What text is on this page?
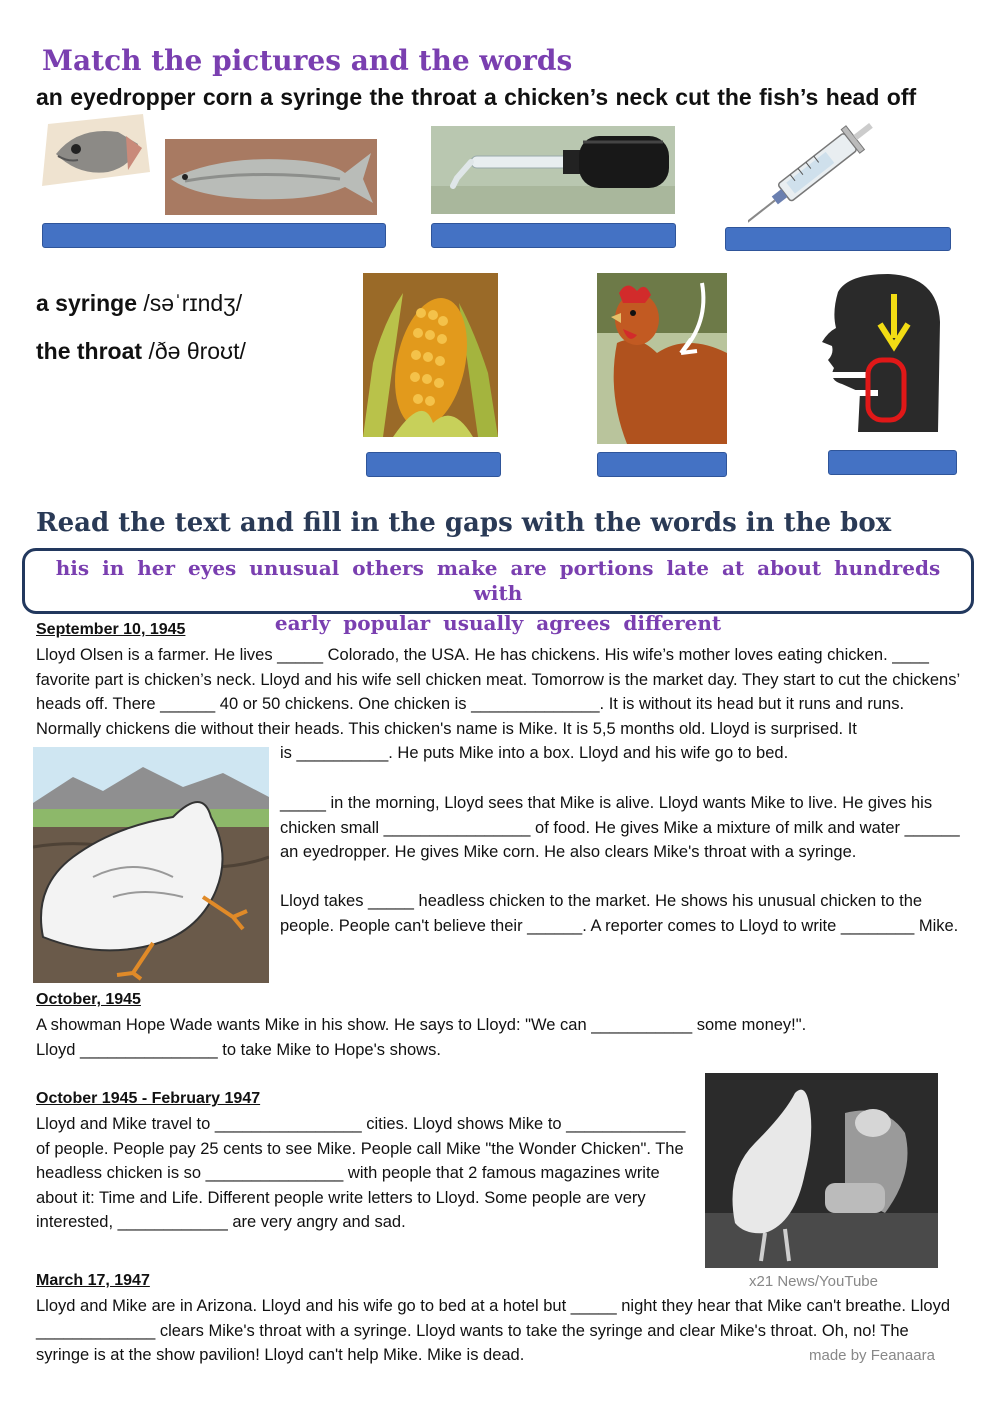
Match the pictures and the words
an eyedropper corn a syringe the throat a chicken’s neck cut the fish’s head off
a syringe /səˈrɪndʒ/
the throat /ðə θroʊt/
Read the text and fill in the gaps with the words in the box
his in her eyes unusual others make are portions late at about hundreds with
early popular usually agrees different
September 10, 1945
Lloyd Olsen is a farmer. He lives _____ Colorado, the USA. He has chickens. His wife’s mother loves eating chicken. ____ favorite part is chicken’s neck. Lloyd and his wife sell chicken meat. Tomorrow is the market day. They start to cut the chickens’ heads off. There ______ 40 or 50 chickens. One chicken is ______________. It is without its head but it runs and runs. Normally chickens die without their heads. This chicken's name is Mike. It is 5,5 months old. Lloyd is surprised. It
is __________. He puts Mike into a box. Lloyd and his wife go to bed.
_____ in the morning, Lloyd sees that Mike is alive. Lloyd wants Mike to live. He gives his chicken small ________________ of food. He gives Mike a mixture of milk and water ______ an eyedropper. He gives Mike corn. He also clears Mike's throat with a syringe.
Lloyd takes _____ headless chicken to the market. He shows his unusual chicken to the people. People can't believe their ______. A reporter comes to Lloyd to write ________ Mike.
October, 1945

A showman Hope Wade wants Mike in his show. He says to Lloyd: "We can ___________ some money!".

Lloyd _______________ to take Mike to Hope's shows.

October 1945 - February 1947
Lloyd and Mike travel to ________________ cities. Lloyd shows Mike to _____________ of people. People pay 25 cents to see Mike. People call Mike "the Wonder Chicken". The headless chicken is so _______________ with people that 2 famous magazines write about it: Time and Life. Different people write letters to Lloyd. Some people are very interested, ____________ are very angry and sad.
x21 News/YouTube
March 17, 1947
Lloyd and Mike are in Arizona. Lloyd and his wife go to bed at a hotel but _____ night they hear that Mike can't breathe. Lloyd _____________ clears Mike's throat with a syringe. Lloyd wants to take the syringe and clear Mike's throat. Oh, no! The syringe is at the show pavilion! Lloyd can't help Mike. Mike is dead.	made by Feanaara
